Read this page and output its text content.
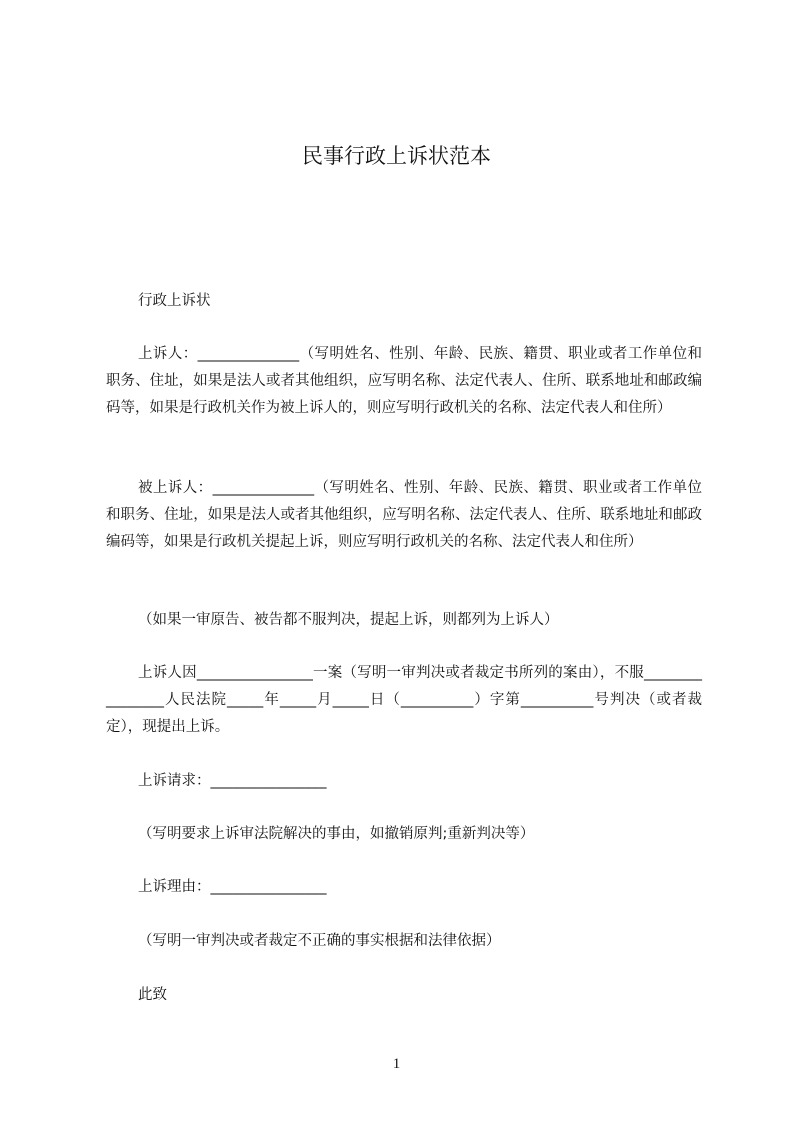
民事行政上诉状范本
行政上诉状
上诉人：______________（写明姓名、性别、年龄、民族、籍贯、职业或者工作单位和职务、住址，如果是法人或者其他组织，应写明名称、法定代表人、住所、联系地址和邮政编码等，如果是行政机关作为被上诉人的，则应写明行政机关的名称、法定代表人和住所）
被上诉人：______________（写明姓名、性别、年龄、民族、籍贯、职业或者工作单位和职务、住址，如果是法人或者其他组织，应写明名称、法定代表人、住所、联系地址和邮政编码等，如果是行政机关提起上诉，则应写明行政机关的名称、法定代表人和住所）
（如果一审原告、被告都不服判决，提起上诉，则都列为上诉人）
上诉人因________________一案（写明一审判决或者裁定书所列的案由），不服________________人民法院_____年_____月_____日（__________）字第__________号判决（或者裁定），现提出上诉。
上诉请求：________________
（写明要求上诉审法院解决的事由，如撤销原判;重新判决等）
上诉理由：________________
（写明一审判决或者裁定不正确的事实根据和法律依据）
此致
1
